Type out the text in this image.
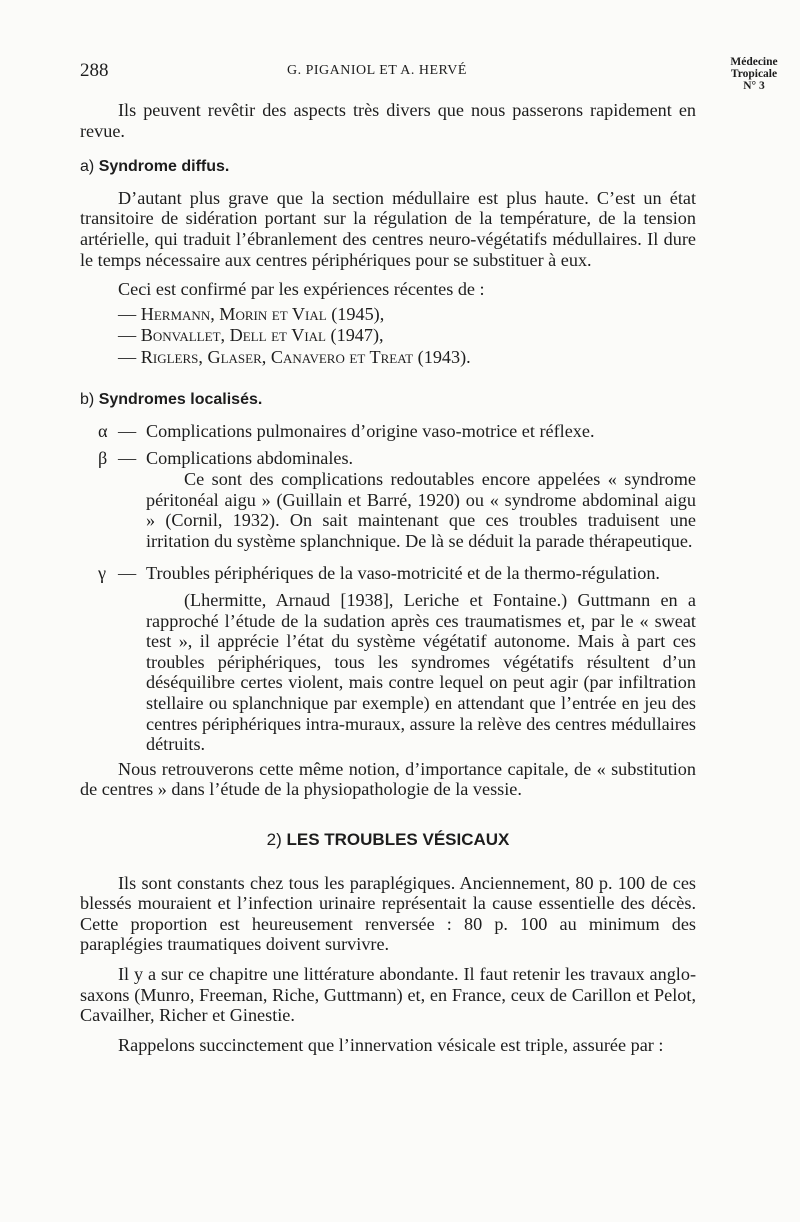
288	G. PIGANIOL ET A. HERVÉ
Médecine
Tropicale
N° 3

Ils peuvent revêtir des aspects très divers que nous passerons rapidement en revue.

a) Syndrome diffus.

D’autant plus grave que la section médullaire est plus haute. C’est un état transitoire de sidération portant sur la régulation de la température, de la tension artérielle, qui traduit l’ébranlement des centres neuro-végétatifs médullaires. Il dure le temps nécessaire aux centres périphériques pour se substituer à eux.

Ceci est confirmé par les expériences récentes de :

— Hermann, Morin et Vial (1945),
— Bonvallet, Dell et Vial (1947),
— Riglers, Glaser, Canavero et Treat (1943).
b) Syndromes localisés.
α — Complications pulmonaires d’origine vaso-motrice et réflexe.
β — Complications abdominales.

Ce sont des complications redoutables encore appelées « syndrome péritonéal aigu » (Guillain et Barré, 1920) ou « syndrome abdominal aigu » (Cornil, 1932). On sait maintenant que ces troubles traduisent une irritation du système splanchnique. De là se déduit la parade thérapeutique.

γ — Troubles périphériques de la vaso-motricité et de la thermo-régulation.

(Lhermitte, Arnaud [1938], Leriche et Fontaine.) Guttmann en a rapproché l’étude de la sudation après ces traumatismes et, par le « sweat test », il apprécie l’état du système végétatif autonome. Mais à part ces troubles périphériques, tous les syndromes végétatifs résultent d’un déséquilibre certes violent, mais contre lequel on peut agir (par infiltration stellaire ou splanchnique par exemple) en attendant que l’entrée en jeu des centres périphériques intra-muraux, assure la relève des centres médullaires détruits.

Nous retrouverons cette même notion, d’importance capitale, de « substitution de centres » dans l’étude de la physiopathologie de la vessie.

2) LES TROUBLES VÉSICAUX

Ils sont constants chez tous les paraplégiques. Anciennement, 80 p. 100 de ces blessés mouraient et l’infection urinaire représentait la cause essentielle des décès. Cette proportion est heureusement renversée : 80 p. 100 au minimum des paraplégies traumatiques doivent survivre.

Il y a sur ce chapitre une littérature abondante. Il faut retenir les travaux anglo-saxons (Munro, Freeman, Riche, Guttmann) et, en France, ceux de Carillon et Pelot, Cavailher, Richer et Ginestie.

Rappelons succinctement que l’innervation vésicale est triple, assurée par :
